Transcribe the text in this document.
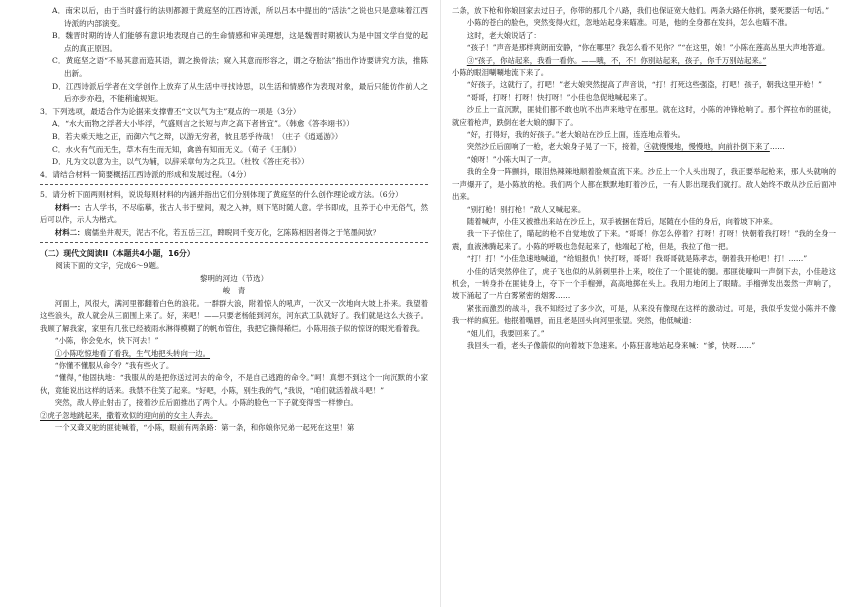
A．南宋以后，由于当时盛行的法则都源于黄庭坚的江西诗派，所以吕本中提出的“活法”之说也只是意味着江西诗派的内部演变。

B．魏晋时期的诗人们能够有意识地表现自己的生命情感和审美理想，这是魏晋时期被认为是中国文学自觉的起点的真正原因。

C．黄庭坚之语“不易其意而造其语，谓之换骨法；窥入其意而形容之，谓之夺胎法”指出作诗要讲究方法，推陈出新。

D．江西诗派后学者在文学创作上放弃了从生活中寻找诗思，以生活和情感作为表现对象，最后只能仿作前人之后亦步亦趋，不能稍逾规矩。

3．下列选项，最适合作为论据来支撑曹丕“文以气为主”观点的一项是（3分）

A．“水大而物之浮者大小毕浮，气盛则言之长短与声之高下者皆宜”。（韩愈《答李翊书》）

B．若夫乘天地之正，而御六气之辩，以游无穷者，彼且恶乎待哉！（庄子《逍遥游》）

C．水火有气而无生，草木有生而无知，禽兽有知而无义。（荀子《王制》）

D．凡为文以意为主，以气为辅，以辞采章句为之兵卫。（杜牧《答庄充书》）

4．请结合材料一简要概括江西诗派的形成和发展过程。（4分）

5．请分析下面两则材料，说说每则材料的内涵并指出它们分别体现了黄庭坚的什么创作理论或方法。（6分）

材料一：古人学书，不尽临摹，张古人书于壁间，观之入神，则下笔时随人意。学书即成，且养于心中无俗气，然后可以作，示人为楷式。

材料二：腐儒坐井观天，泥古不化，若五岳三江，睥睨同千变万化，乞陈陈相因者得之于笔墨间欤？

（二）现代文阅读II（本题共4小题，16分）

阅读下面的文字，完成6～9题。

黎明的河边（节选）

峻　青

河面上，风很大，满河里都翻着白色的浪花。一群群大浪，附着惊人的吼声，一次又一次地向大坡上扑来。我望着这些浪头，敌人就会从三面围上来了。好，来吧！——只要老杨能到河东，河东武工队就好了。我们就是这么大孩子。我顾了解我家，家里有几张已经被雨水淋得模糊了的帆布管住，我把它撕得稀烂。小陈用孩子似的惊讶的眼光看着我。

“小陈，你会免水，快下河去！”

①小陈吃惊地看了看我，生气地把头转向一边。

“你懂不懂服从命令？”我有些火了。

“懂得，”他固执地：“我服从的是把你送过河去的命令，不是自己逃跑的命令。”呵！真想不到这个一向沉默的小家伙，竟能说出这样的话来。我禁不住笑了起来。“好吧，小陈，别生我的气，”我说，“咱们就活着战斗吧！”

突然，敌人停止射击了，接着沙丘后面推出了两个人。小陈的脸色一下子就变得雪一样惨白。
②虎子忽地跳起来，撒着欢似的迎向前的女主人奔去。

一个又聋又驼的匪徒喊着，“小陈，眼前有两条路：第一条，和你娘你兄弟一起死在这里！第

二条，放下枪和你娘回家去过日子，你带的那几个八路，我们也保证宽大他们。两条大路任你挑，要死要活一句话。”

小陈的苍白的脸色，突然变得火红，忽地站起身来瞄准。可是，他的全身都在发抖，怎么也瞄不准。

这时，老大娘说话了：

“孩子！”声音是那样爽朗而安静，“你在哪里？我怎么看不见你？”“在这里，娘！”小陈在莲高丛里大声地答道。

③“孩子，你站起来，我看一看你。——哦，不，不！你别站起来，孩子，你千万别站起来。”
小陈的眼泪唰唰地流下来了。

“好孩子，这就行了，打吧！”老大娘突然提高了声音说，“打！打死这些强盗，打吧！孩子，朝我这里开枪！”

“哥哥，打呀！打呀！快打呀！”小佳也急促地喊起来了。

沙丘上一直沉默，匪徒们都不敢也吭不出声来地守在那里。就在这时，小陈的冲锋枪响了。那个挥拉布的匪徒，就应着枪声，跌倒在老大娘的脚下了。

“好，打得好，我的好孩子。”老大娘站在沙丘上面，连连地点着头。

突然沙丘后面响了一枪，老大娘身子晃了一下，接着，④就慢慢地，慢慢地，向前扑倒下来了……

“娘呀！”小陈大叫了一声。

我的全身一阵颤抖，眼泪热辣辣地顺着脸颊直流下来。沙丘上一个人头出现了，我正要举起枪来，那人头就响的一声爆开了，是小陈放的枪。我们两个人都在默默地盯着沙丘，一有人影出现我们就打。敌人始终不敢从沙丘后面冲出来。

“别打枪！别打枪！”敌人又喊起来。

随着喊声，小佳又被推出来站在沙丘上，双手被捆在背后，尾随在小佳的身后，向着坡下冲来。

我一下子惊住了，瞄起的枪不自觉地放了下来。“哥哥！你怎么停着？打呀！打呀！快朝着我打呀！”我的全身一震，血液沸腾起来了。小陈的呼吸也急促起来了，他端起了枪，但是，我拉了他一把。

“打！打！”小佳急速地喊道，“给姐报仇！快打呀，哥哥！我哥哥就是陈孝志，朝着我开枪吧！打！……”

小佳的话突然停住了，虎子飞也似的从斜刺里扑上来，咬住了一个匪徒的腿。那匪徒嚎叫一声倒下去，小佳趁这机会，一转身扑在匪徒身上，夺下一个手榴弹，高高地掷在头上。我用力地闭上了眼睛。手榴弹发出轰然一声响了，坡下涌起了一片白雾紧密的烟雾……

紧张而激烈的战斗，我不知经过了多少次，可是，从来没有像现在这样的激动过。可是，我似乎发觉小陈并不像我一样的疯狂。他抿着嘴唇，而且老是回头向河里张望。突然，他低喊道：

“姐儿们，我要回来了。”

我回头一看，老头子像箭似的向着坡下急速来。小陈狂喜地站起身来喊：“爹，快呀……”
